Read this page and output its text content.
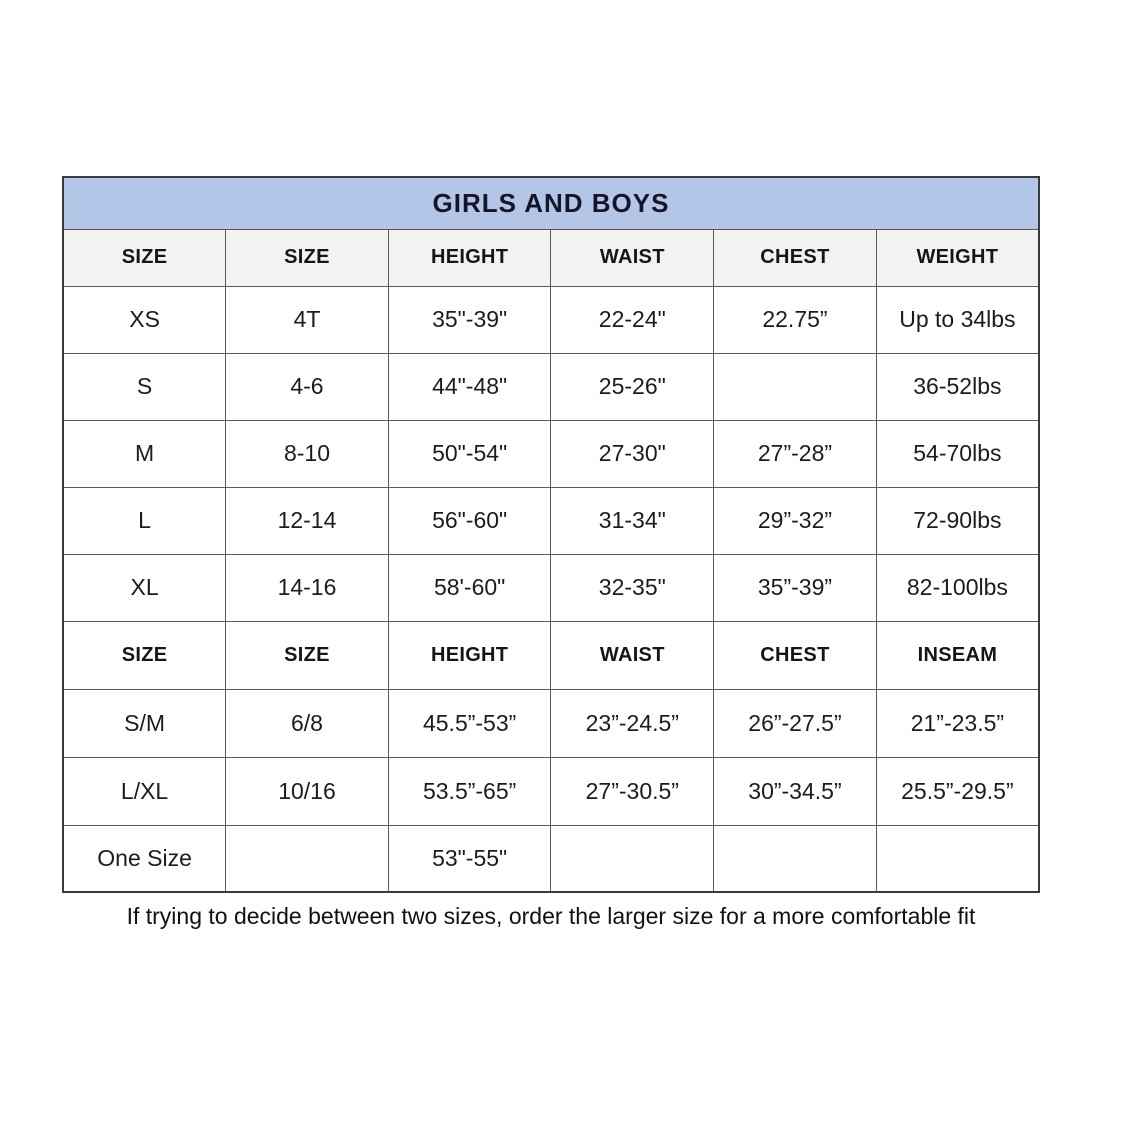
GIRLS AND BOYS					
SIZE	SIZE	HEIGHT	WAIST	CHEST	WEIGHT
XS	4T	35"-39"	22-24"	22.75”	Up to 34lbs
S	4-6	44"-48"	25-26"		36-52lbs
M	8-10	50"-54"	27-30"	27”-28”	54-70lbs
L	12-14	56"-60"	31-34"	29”-32”	72-90lbs
XL	14-16	58'-60"	32-35"	35”-39”	82-100lbs
SIZE	SIZE	HEIGHT	WAIST	CHEST	INSEAM
S/M	6/8	45.5”-53”	23”-24.5”	26”-27.5”	21”-23.5”
L/XL	10/16	53.5”-65”	27”-30.5”	30”-34.5”	25.5”-29.5”
One Size		53"-55"			
If trying to decide between two sizes, order the larger size for a more comfortable fit
